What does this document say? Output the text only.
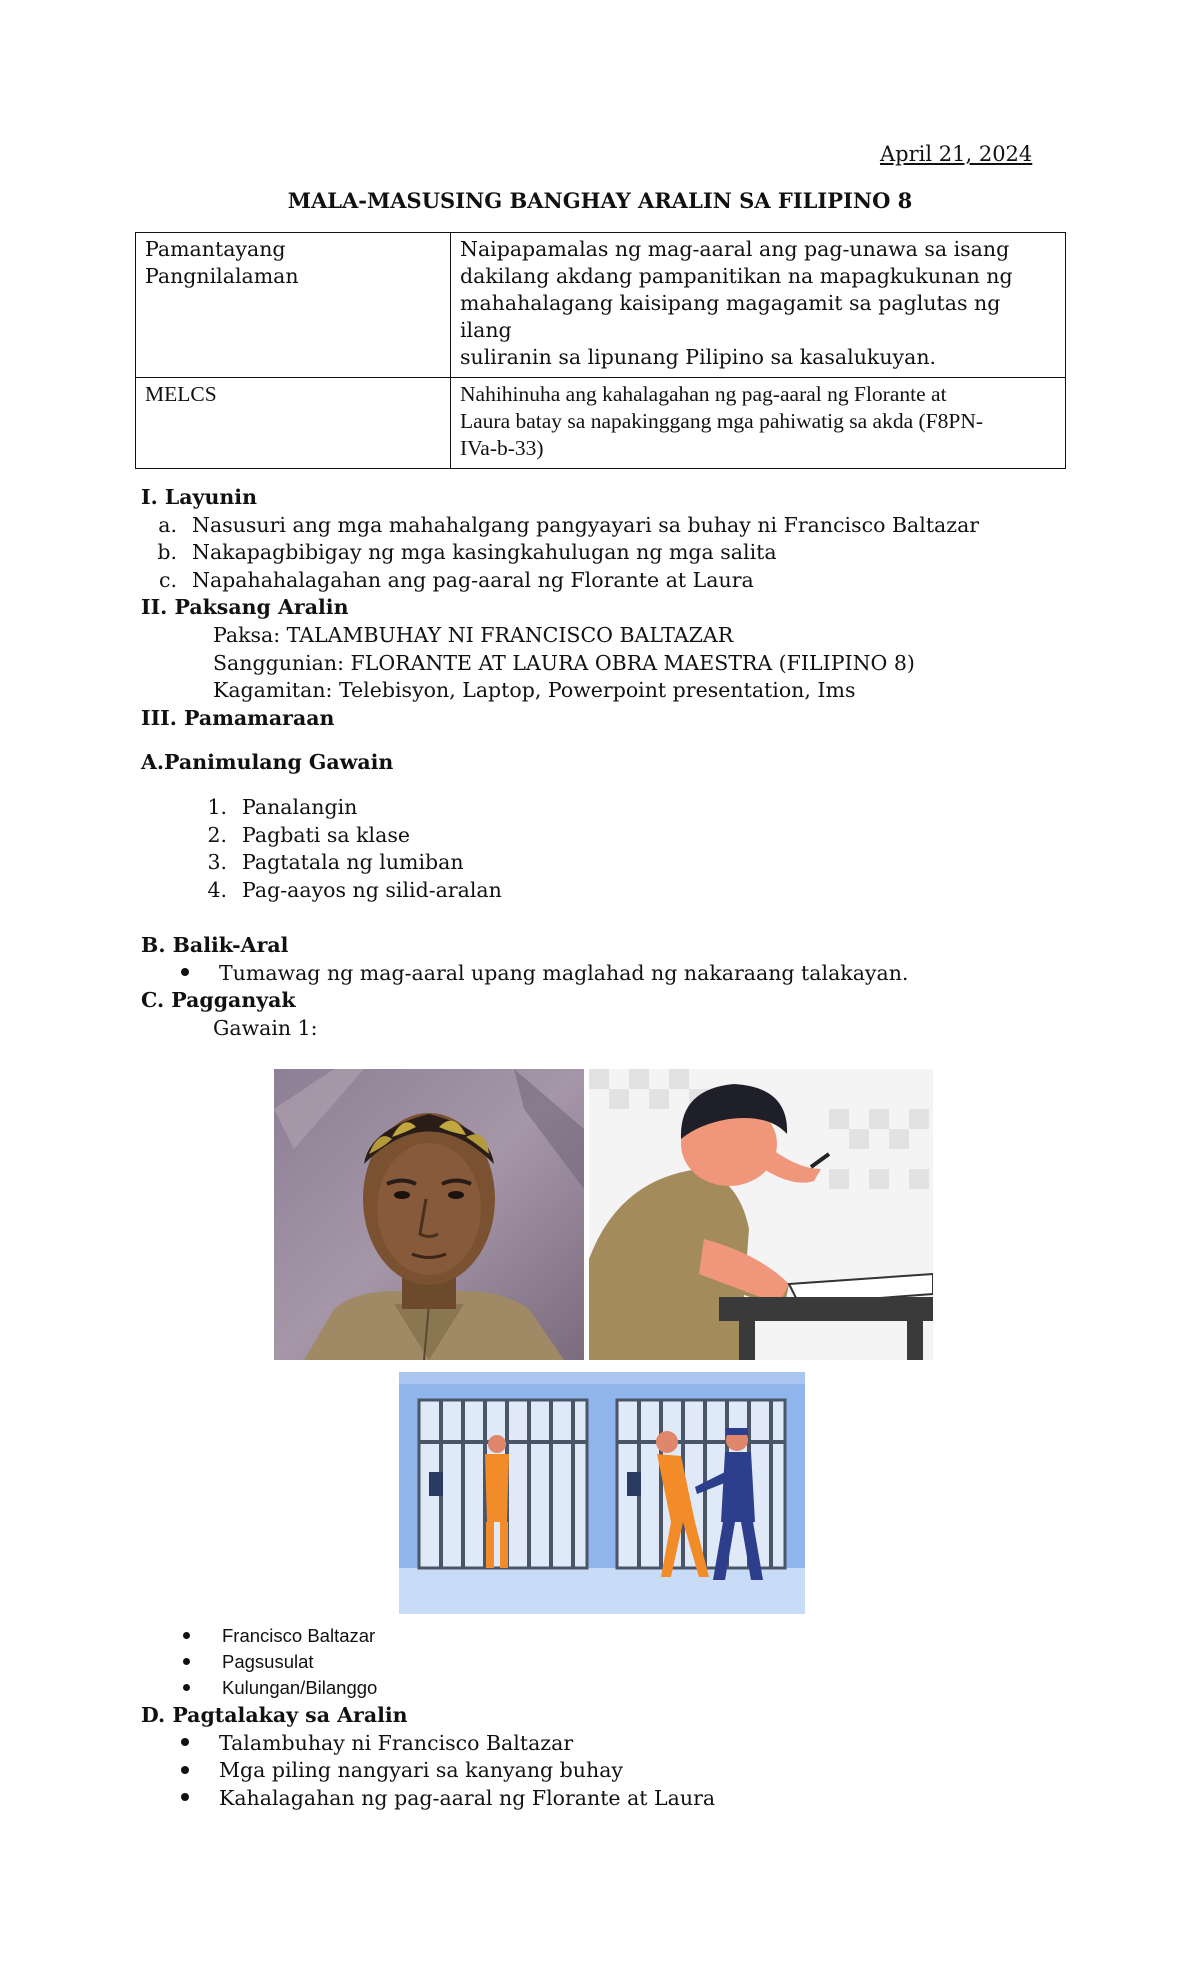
April 21, 2024
MALA-MASUSING BANGHAY ARALIN SA FILIPINO 8
Pamantayang Pangnilalaman	Naipapamalas ng mag-aaral ang pag-unawa sa isang
dakilang akdang pampanitikan na mapagkukunan ng
mahahalagang kaisipang magagamit sa paglutas ng ilang
suliranin sa lipunang Pilipino sa kasalukuyan.

MELCS	Nahihinuha ang kahalagahan ng pag-aaral ng Florante at
Laura batay sa napakinggang mga pahiwatig sa akda (F8PN-
IVa-b-33)
I. Layunin
a. Nasusuri ang mga mahahalgang pangyayari sa buhay ni Francisco Baltazar
b. Nakapagbibigay ng mga kasingkahulugan ng mga salita
c. Napahahalagahan ang pag-aaral ng Florante at Laura
II. Paksang Aralin
Paksa: TALAMBUHAY NI FRANCISCO BALTAZAR
Sanggunian: FLORANTE AT LAURA OBRA MAESTRA (FILIPINO 8)
Kagamitan: Telebisyon, Laptop, Powerpoint presentation, Ims
III. Pamamaraan
A.Panimulang Gawain
1. Panalangin
2. Pagbati sa klase
3. Pagtatala ng lumiban
4. Pag-aayos ng silid-aralan
B. Balik-Aral
Tumawag ng mag-aaral upang maglahad ng nakaraang talakayan.
C. Pagganyak
Gawain 1:
Francisco Baltazar
Pagsusulat
Kulungan/Bilanggo
D. Pagtalakay sa Aralin
Talambuhay ni Francisco Baltazar
Mga piling nangyari sa kanyang buhay
Kahalagahan ng pag-aaral ng Florante at Laura
